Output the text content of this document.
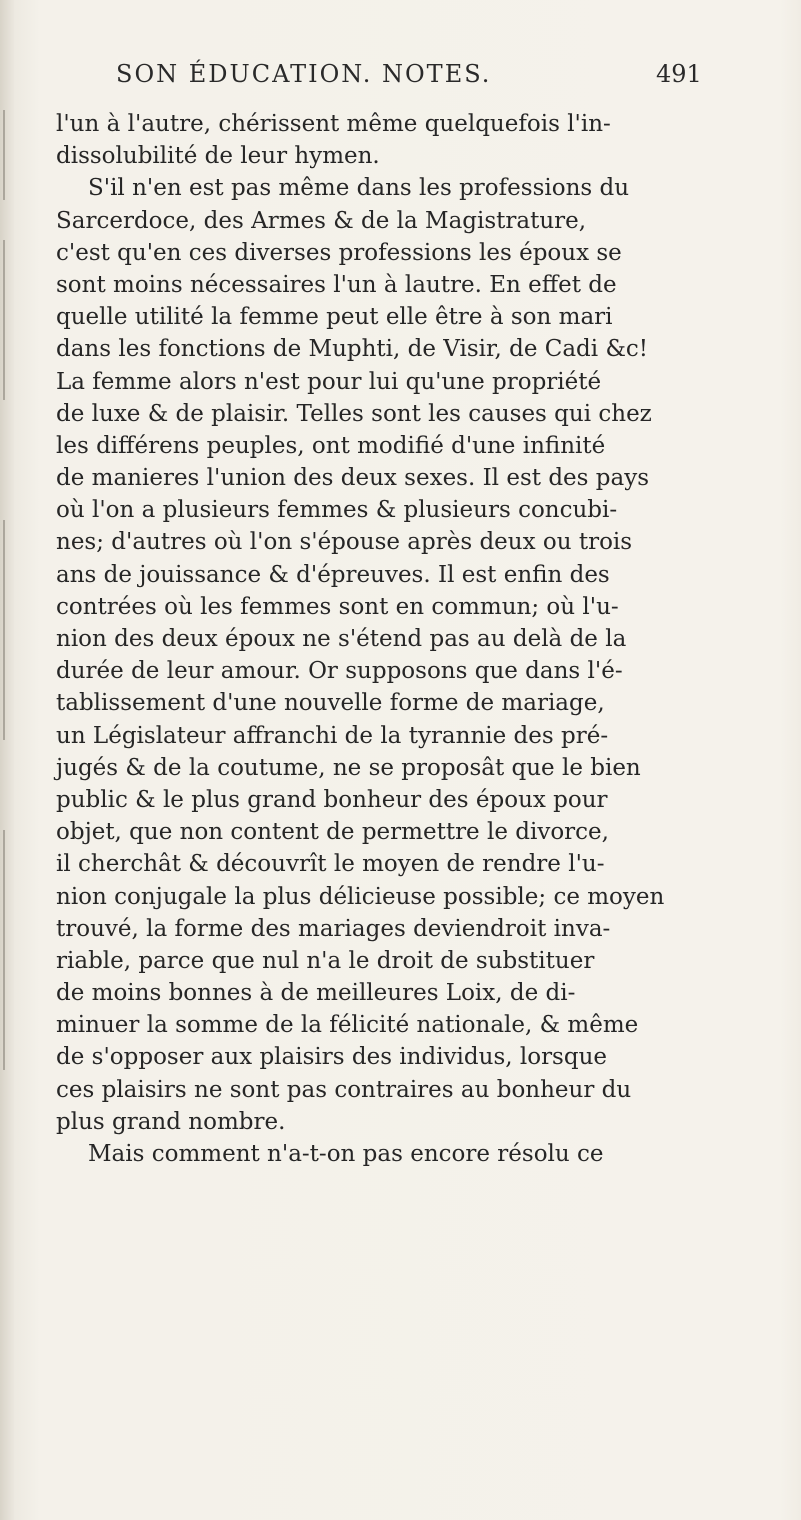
SON ÉDUCATION. NOTES.	491
l'un à l'autre, chérissent même quelquefois l'in-
dissolubilité de leur hymen.
S'il n'en est pas même dans les professions du
Sarcerdoce, des Armes & de la Magistrature,
c'est qu'en ces diverses professions les époux se
sont moins nécessaires l'un à lautre. En effet de
quelle utilité la femme peut elle être à son mari
dans les fonctions de Muphti, de Visir, de Cadi &c!
La femme alors n'est pour lui qu'une propriété
de luxe & de plaisir. Telles sont les causes qui chez
les différens peuples, ont modifié d'une infinité
de manieres l'union des deux sexes. Il est des pays
où l'on a plusieurs femmes & plusieurs concubi-
nes; d'autres où l'on s'épouse après deux ou trois
ans de jouissance & d'épreuves. Il est enfin des
contrées où les femmes sont en commun; où l'u-
nion des deux époux ne s'étend pas au delà de la
durée de leur amour. Or supposons que dans l'é-
tablissement d'une nouvelle forme de mariage,
un Législateur affranchi de la tyrannie des pré-
jugés & de la coutume, ne se proposât que le bien
public & le plus grand bonheur des époux pour
objet, que non content de permettre le divorce,
il cherchât & découvrît le moyen de rendre l'u-
nion conjugale la plus délicieuse possible; ce moyen
trouvé, la forme des mariages deviendroit inva-
riable, parce que nul n'a le droit de substituer
de moins bonnes à de meilleures Loix, de di-
minuer la somme de la félicité nationale, & même
de s'opposer aux plaisirs des individus, lorsque
ces plaisirs ne sont pas contraires au bonheur du
plus grand nombre.
Mais comment n'a-t-on pas encore résolu ce
